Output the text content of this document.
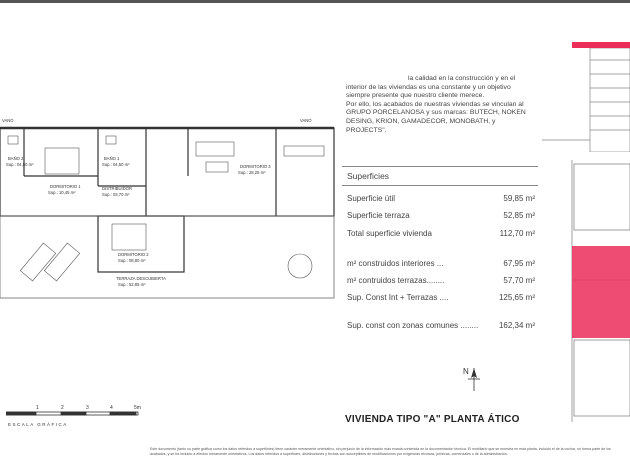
la calidad en la construcción y en el

interior de las viviendas es una constante y un objetivo

siempre presente que nuestro cliente merece.

Por ello, los acabados de nuestras viviendas se vinculan al

GRUPO PORCELANOSA y sus marcas: BUTECH, NOKEN

DESING, KRION, GAMADECOR, MONOBATH, y PROJECTS".

Superficies
Superficie útil	59,85 m²
Superficie terraza	52,85 m²
Total superficie vivienda	112,70 m²
m² construidos interiores ...	67,95 m²
m² contruidos terrazas........	57,70 m²
Sup. Const Int + Terrazas ....	125,65 m²
Sup. const con zonas comunes ........	162,34 m²
VANO	VANO
BAÑO 2
Sup.: 04,50 m²
BAÑO 1
Sup.: 04,50 m²
DORMITORIO 1
Sup.: 10,45 m²
DISTRIBUIDOR
Sup.: 03,70 m²
DORMITORIO 3
Sup.: 28,25 m²
DORMITORIO 2
Sup.: 08,80 m²
TERRAZA DESCUBIERTA
Sup.: 52,85 m²
1	2	3	4	5m
ESCALA GRÁFICA
N
VIVIENDA TIPO "A" PLANTA ÁTICO
Este documento (tanto su parte gráfica como los datos referidos a superficies) tiene carácter meramente orientativo, sin perjuicio de la información más exacta contenida en la documentación técnica. El mobiliario que se muestra en esta planta, incluido el de la cocina, no forma parte de los acabados, y se ha incluido a efectos meramente orientativos. Los datos referidos a superficies, distribuciones y fechas son susceptibles de modificaciones por exigencias técnicas, jurídicas, comerciales o de la administración.
